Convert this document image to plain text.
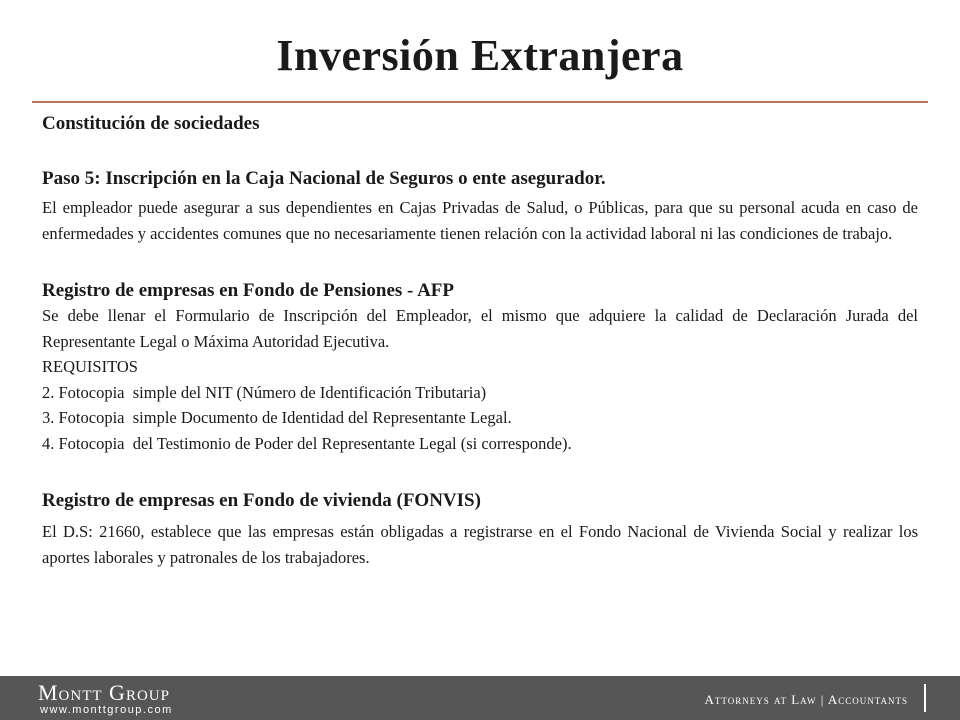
Inversión Extranjera
Constitución de sociedades
Paso 5: Inscripción en la Caja Nacional de Seguros o ente asegurador.
El empleador puede asegurar a sus dependientes en Cajas Privadas de Salud, o Públicas, para que su personal acuda en caso de enfermedades y accidentes comunes que no necesariamente tienen relación con la actividad laboral ni las condiciones de trabajo.
Registro de empresas en Fondo de Pensiones - AFP
Se debe llenar el Formulario de Inscripción del Empleador, el mismo que adquiere la calidad de Declaración Jurada del Representante Legal o Máxima Autoridad Ejecutiva.
REQUISITOS
2. Fotocopia  simple del NIT (Número de Identificación Tributaria)
3. Fotocopia  simple Documento de Identidad del Representante Legal.
4. Fotocopia  del Testimonio de Poder del Representante Legal (si corresponde).
Registro de empresas en Fondo de vivienda (FONVIS)
El D.S: 21660, establece que las empresas están obligadas a registrarse en el Fondo Nacional de Vivienda Social y realizar los aportes laborales y patronales de los trabajadores.
Montt Group
www.monttgroup.com
Attorneys at Law | Accountants
